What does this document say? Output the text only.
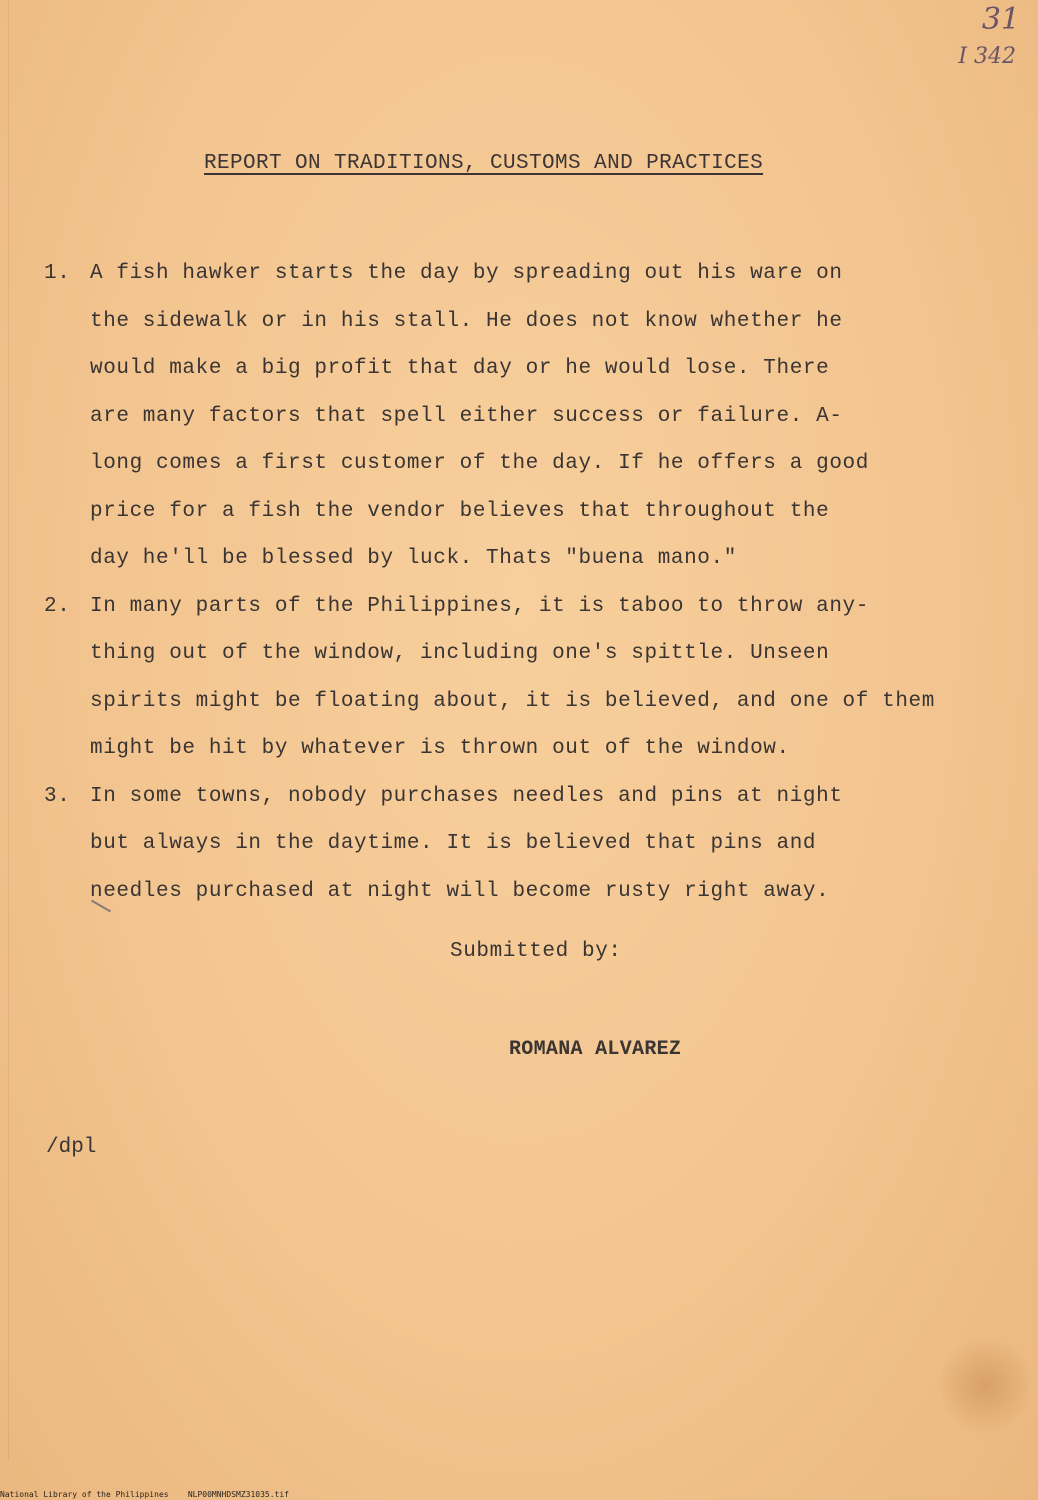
31
I 342
REPORT ON TRADITIONS, CUSTOMS AND PRACTICES
1. A fish hawker starts the day by spreading out his ware on
the sidewalk or in his stall. He does not know whether he
would make a big profit that day or he would lose. There
are many factors that spell either success or failure. A-
long comes a first customer of the day. If he offers a good
price for a fish the vendor believes that throughout the
day he'll be blessed by luck. Thats "buena mano."
2. In many parts of the Philippines, it is taboo to throw any-
thing out of the window, including one's spittle. Unseen
spirits might be floating about, it is believed, and one of them
might be hit by whatever is thrown out of the window.
3. In some towns, nobody purchases needles and pins at night
but always in the daytime. It is believed that pins and
needles purchased at night will become rusty right away.
Submitted by:
ROMANA ALVAREZ
/dpl
National Library of the Philippines NLP00MNHDSMZ31035.tif
